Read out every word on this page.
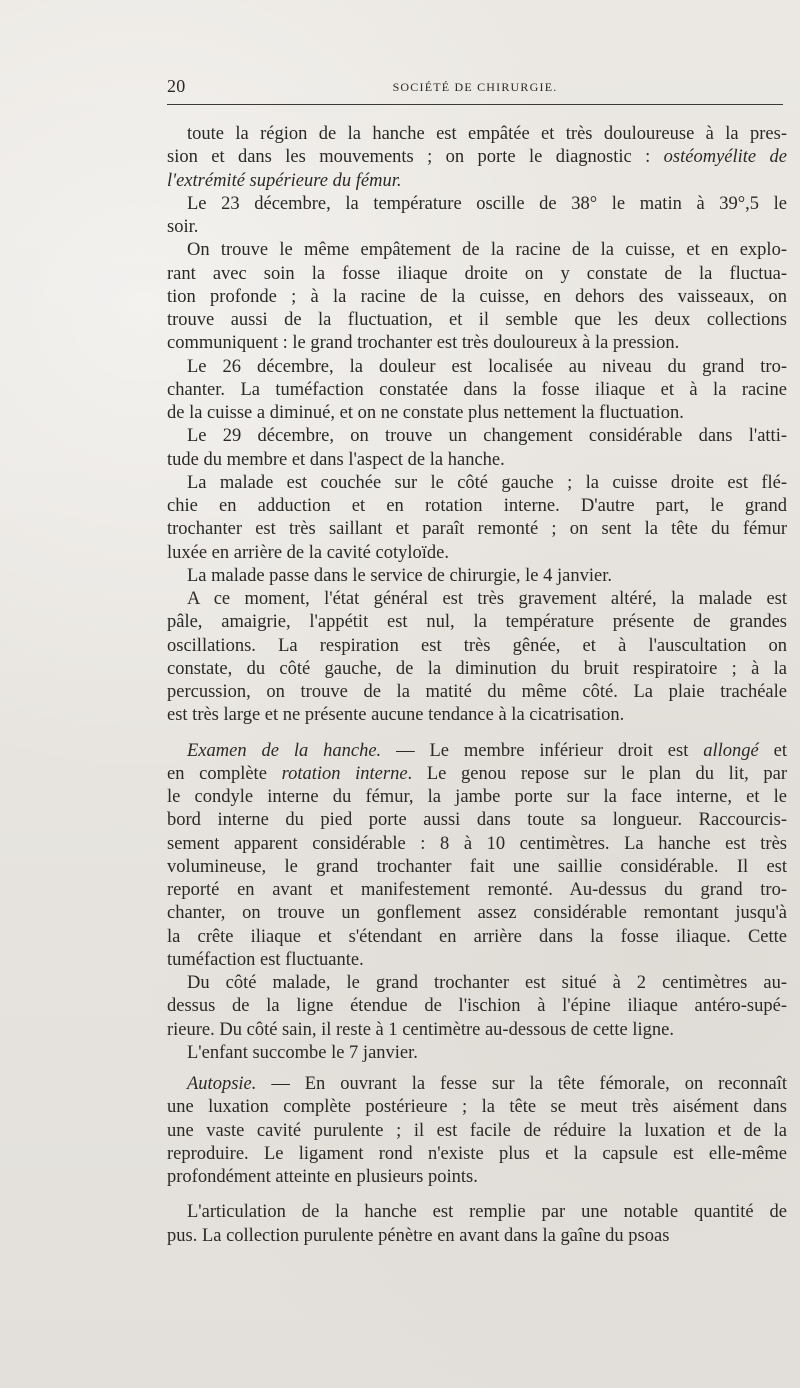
20	SOCIÉTÉ DE CHIRURGIE.
toute la région de la hanche est empâtée et très douloureuse à la pres-
sion et dans les mouvements ; on porte le diagnostic : ostéomyélite de
l'extrémité supérieure du fémur.
Le 23 décembre, la température oscille de 38° le matin à 39°,5 le
soir.
On trouve le même empâtement de la racine de la cuisse, et en explo-
rant avec soin la fosse iliaque droite on y constate de la fluctua-
tion profonde ; à la racine de la cuisse, en dehors des vaisseaux, on
trouve aussi de la fluctuation, et il semble que les deux collections
communiquent : le grand trochanter est très douloureux à la pression.
Le 26 décembre, la douleur est localisée au niveau du grand tro-
chanter. La tuméfaction constatée dans la fosse iliaque et à la racine
de la cuisse a diminué, et on ne constate plus nettement la fluctuation.
Le 29 décembre, on trouve un changement considérable dans l'atti-
tude du membre et dans l'aspect de la hanche.
La malade est couchée sur le côté gauche ; la cuisse droite est flé-
chie en adduction et en rotation interne. D'autre part, le grand
trochanter est très saillant et paraît remonté ; on sent la tête du fémur
luxée en arrière de la cavité cotyloïde.
La malade passe dans le service de chirurgie, le 4 janvier.
A ce moment, l'état général est très gravement altéré, la malade est
pâle, amaigrie, l'appétit est nul, la température présente de grandes
oscillations. La respiration est très gênée, et à l'auscultation on
constate, du côté gauche, de la diminution du bruit respiratoire ; à la
percussion, on trouve de la matité du même côté. La plaie trachéale
est très large et ne présente aucune tendance à la cicatrisation.
Examen de la hanche. — Le membre inférieur droit est allongé et
en complète rotation interne. Le genou repose sur le plan du lit, par
le condyle interne du fémur, la jambe porte sur la face interne, et le
bord interne du pied porte aussi dans toute sa longueur. Raccourcis-
sement apparent considérable : 8 à 10 centimètres. La hanche est très
volumineuse, le grand trochanter fait une saillie considérable. Il est
reporté en avant et manifestement remonté. Au-dessus du grand tro-
chanter, on trouve un gonflement assez considérable remontant jusqu'à
la crête iliaque et s'étendant en arrière dans la fosse iliaque. Cette
tuméfaction est fluctuante.
Du côté malade, le grand trochanter est situé à 2 centimètres au-
dessus de la ligne étendue de l'ischion à l'épine iliaque antéro-supé-
rieure. Du côté sain, il reste à 1 centimètre au-dessous de cette ligne.
L'enfant succombe le 7 janvier.
Autopsie. — En ouvrant la fesse sur la tête fémorale, on reconnaît
une luxation complète postérieure ; la tête se meut très aisément dans
une vaste cavité purulente ; il est facile de réduire la luxation et de la
reproduire. Le ligament rond n'existe plus et la capsule est elle-même
profondément atteinte en plusieurs points.
L'articulation de la hanche est remplie par une notable quantité de
pus. La collection purulente pénètre en avant dans la gaîne du psoas
